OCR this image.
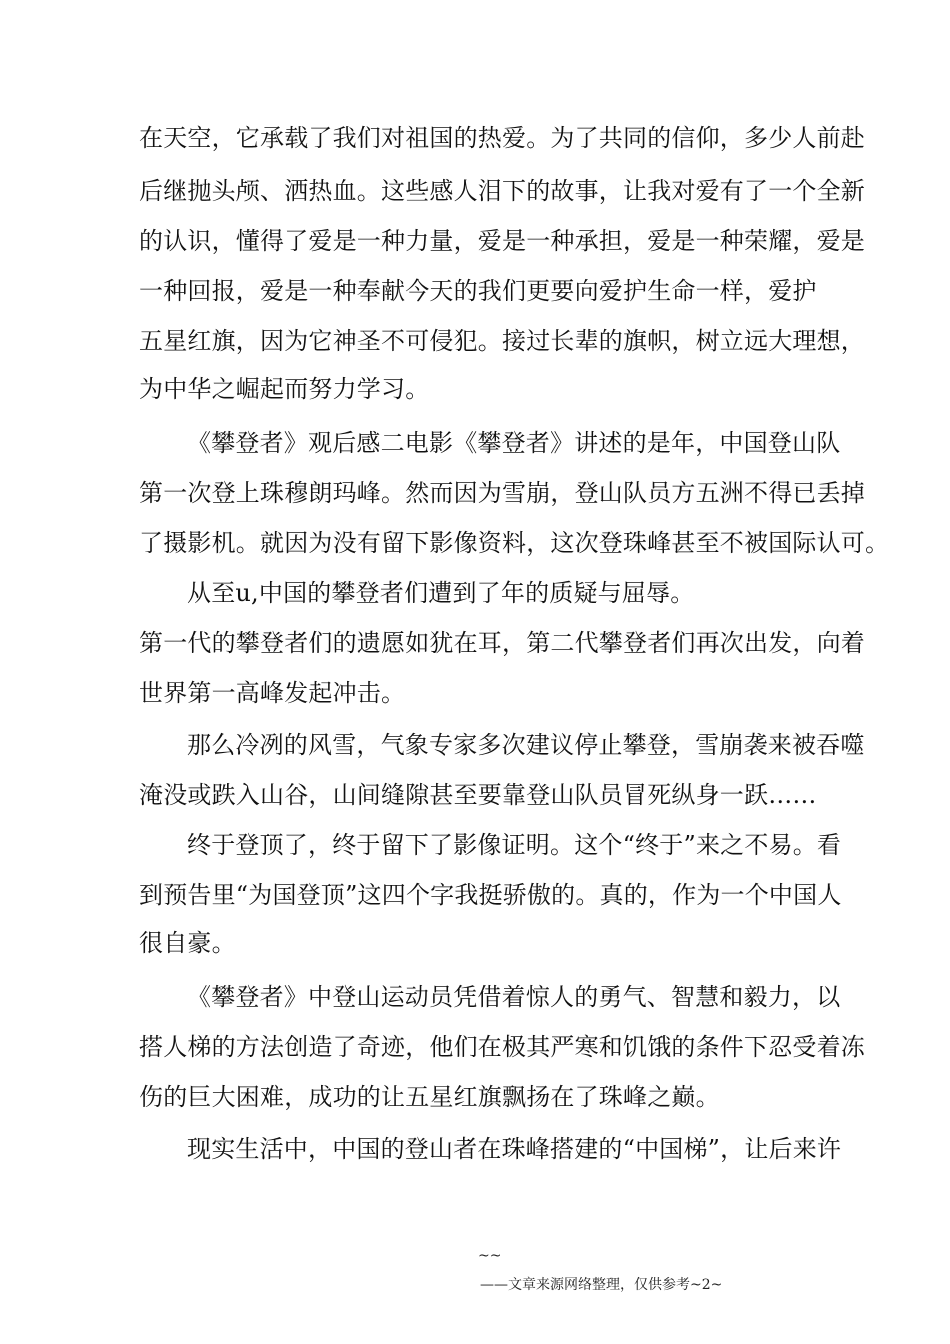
在天空，它承载了我们对祖国的热爱。为了共同的信仰，多少人前赴
后继抛头颅、洒热血。这些感人泪下的故事，让我对爱有了一个全新
的认识，懂得了爱是一种力量，爱是一种承担，爱是一种荣耀，爱是
一种回报，爱是一种奉献今天的我们更要向爱护生命一样，爱护
五星红旗，因为它神圣不可侵犯。接过长辈的旗帜，树立远大理想，
为中华之崛起而努力学习。
《攀登者》观后感二电影《攀登者》讲述的是年，中国登山队
第一次登上珠穆朗玛峰。然而因为雪崩，登山队员方五洲不得已丢掉
了摄影机。就因为没有留下影像资料，这次登珠峰甚至不被国际认可。
从至u,中国的攀登者们遭到了年的质疑与屈辱。
第一代的攀登者们的遗愿如犹在耳，第二代攀登者们再次出发，向着
世界第一高峰发起冲击。
那么冷冽的风雪，气象专家多次建议停止攀登，雪崩袭来被吞噬
淹没或跌入山谷，山间缝隙甚至要靠登山队员冒死纵身一跃……
终于登顶了，终于留下了影像证明。这个“终于”来之不易。看
到预告里“为国登顶”这四个字我挺骄傲的。真的，作为一个中国人
很自豪。
《攀登者》中登山运动员凭借着惊人的勇气、智慧和毅力，以
搭人梯的方法创造了奇迹，他们在极其严寒和饥饿的条件下忍受着冻
伤的巨大困难，成功的让五星红旗飘扬在了珠峰之巅。
现实生活中，中国的登山者在珠峰搭建的“中国梯”，让后来许
~~
——文章来源网络整理，仅供参考~2~
